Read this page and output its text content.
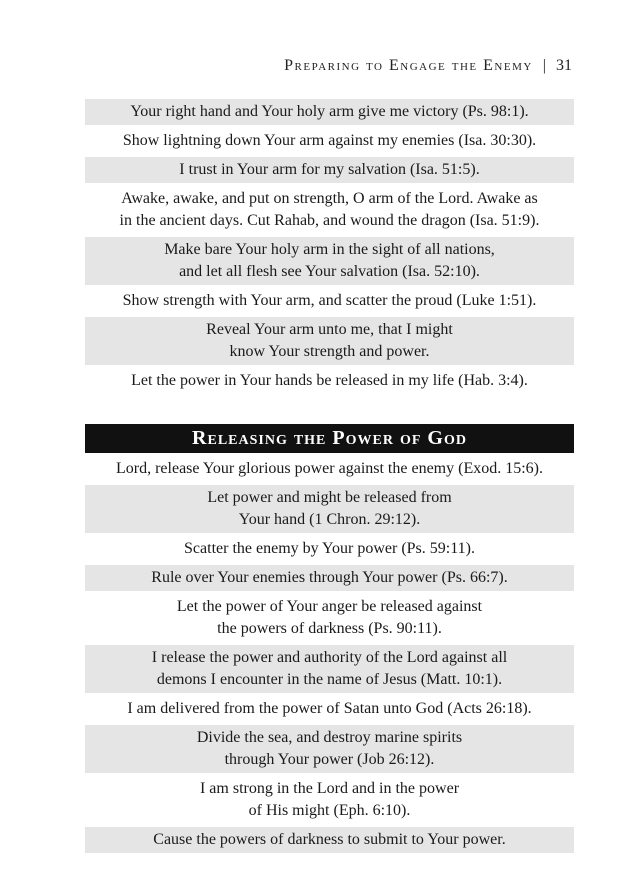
Preparing to Engage the Enemy | 31
Your right hand and Your holy arm give me victory (Ps. 98:1).
Show lightning down Your arm against my enemies (Isa. 30:30).
I trust in Your arm for my salvation (Isa. 51:5).
Awake, awake, and put on strength, O arm of the Lord. Awake as
in the ancient days. Cut Rahab, and wound the dragon (Isa. 51:9).
Make bare Your holy arm in the sight of all nations,
and let all flesh see Your salvation (Isa. 52:10).
Show strength with Your arm, and scatter the proud (Luke 1:51).
Reveal Your arm unto me, that I might
know Your strength and power.
Let the power in Your hands be released in my life (Hab. 3:4).
Releasing the Power of God
Lord, release Your glorious power against the enemy (Exod. 15:6).
Let power and might be released from
Your hand (1 Chron. 29:12).
Scatter the enemy by Your power (Ps. 59:11).
Rule over Your enemies through Your power (Ps. 66:7).
Let the power of Your anger be released against
the powers of darkness (Ps. 90:11).
I release the power and authority of the Lord against all
demons I encounter in the name of Jesus (Matt. 10:1).
I am delivered from the power of Satan unto God (Acts 26:18).
Divide the sea, and destroy marine spirits
through Your power (Job 26:12).
I am strong in the Lord and in the power
of His might (Eph. 6:10).
Cause the powers of darkness to submit to Your power.
